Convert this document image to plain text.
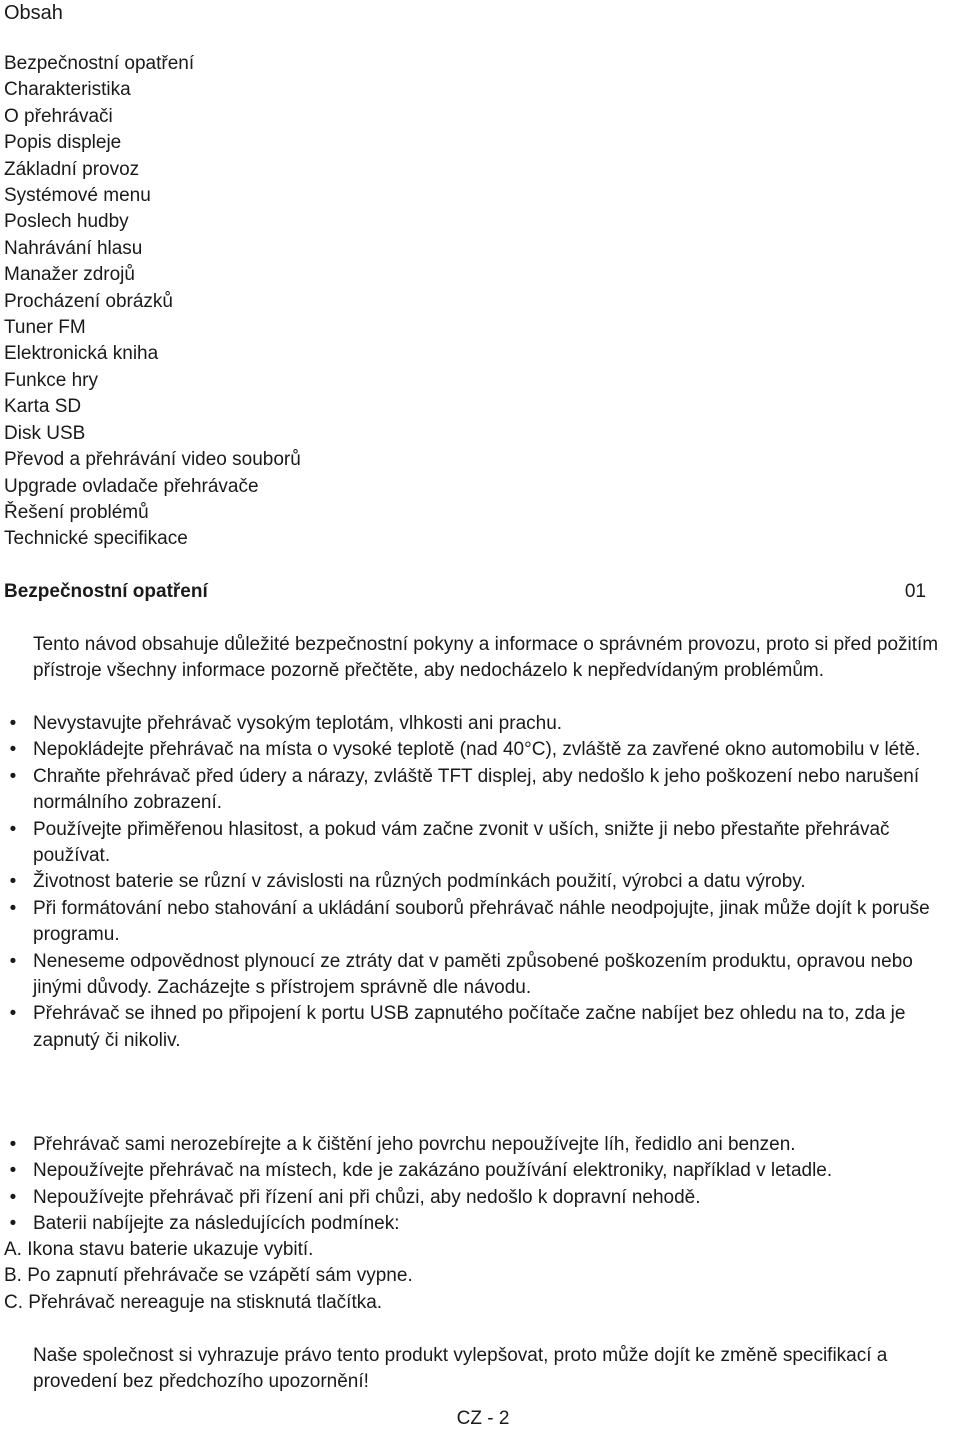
Obsah
Bezpečnostní opatření
Charakteristika
O přehrávači
Popis displeje
Základní provoz
Systémové menu
Poslech hudby
Nahrávání hlasu
Manažer zdrojů
Procházení obrázků
Tuner FM
Elektronická kniha
Funkce hry
Karta SD
Disk USB
Převod a přehrávání video souborů
Upgrade ovladače přehrávače
Řešení problémů
Technické specifikace
Bezpečnostní opatření	01

Tento návod obsahuje důležité bezpečnostní pokyny a informace o správném provozu, proto si před požitím přístroje všechny informace pozorně přečtěte, aby nedocházelo k nepředvídaným problémům.

• Nevystavujte přehrávač vysokým teplotám, vlhkosti ani prachu.
• Nepokládejte přehrávač na místa o vysoké teplotě (nad 40°C), zvláště za zavřené okno automobilu v létě.
• Chraňte přehrávač před údery a nárazy, zvláště TFT displej, aby nedošlo k jeho poškození nebo narušení normálního zobrazení.
• Používejte přiměřenou hlasitost, a pokud vám začne zvonit v uších, snižte ji nebo přestaňte přehrávač používat.
• Životnost baterie se různí v závislosti na různých podmínkách použití, výrobci a datu výroby.
• Při formátování nebo stahování a ukládání souborů přehrávač náhle neodpojujte, jinak může dojít k poruše programu.
• Neneseme odpovědnost plynoucí ze ztráty dat v paměti způsobené poškozením produktu, opravou nebo jinými důvody. Zacházejte s přístrojem správně dle návodu.
• Přehrávač se ihned po připojení k portu USB zapnutého počítače začne nabíjet bez ohledu na to, zda je zapnutý či nikoliv.
• Přehrávač sami nerozebírejte a k čištění jeho povrchu nepoužívejte líh, ředidlo ani benzen.
• Nepoužívejte přehrávač na místech, kde je zakázáno používání elektroniky, například v letadle.
• Nepoužívejte přehrávač při řízení ani při chůzi, aby nedošlo k dopravní nehodě.
• Baterii nabíjejte za následujících podmínek:
A. Ikona stavu baterie ukazuje vybití.
B. Po zapnutí přehrávače se vzápětí sám vypne.
C. Přehrávač nereaguje na stisknutá tlačítka.

Naše společnost si vyhrazuje právo tento produkt vylepšovat, proto může dojít ke změně specifikací a provedení bez předchozího upozornění!

CZ - 2
